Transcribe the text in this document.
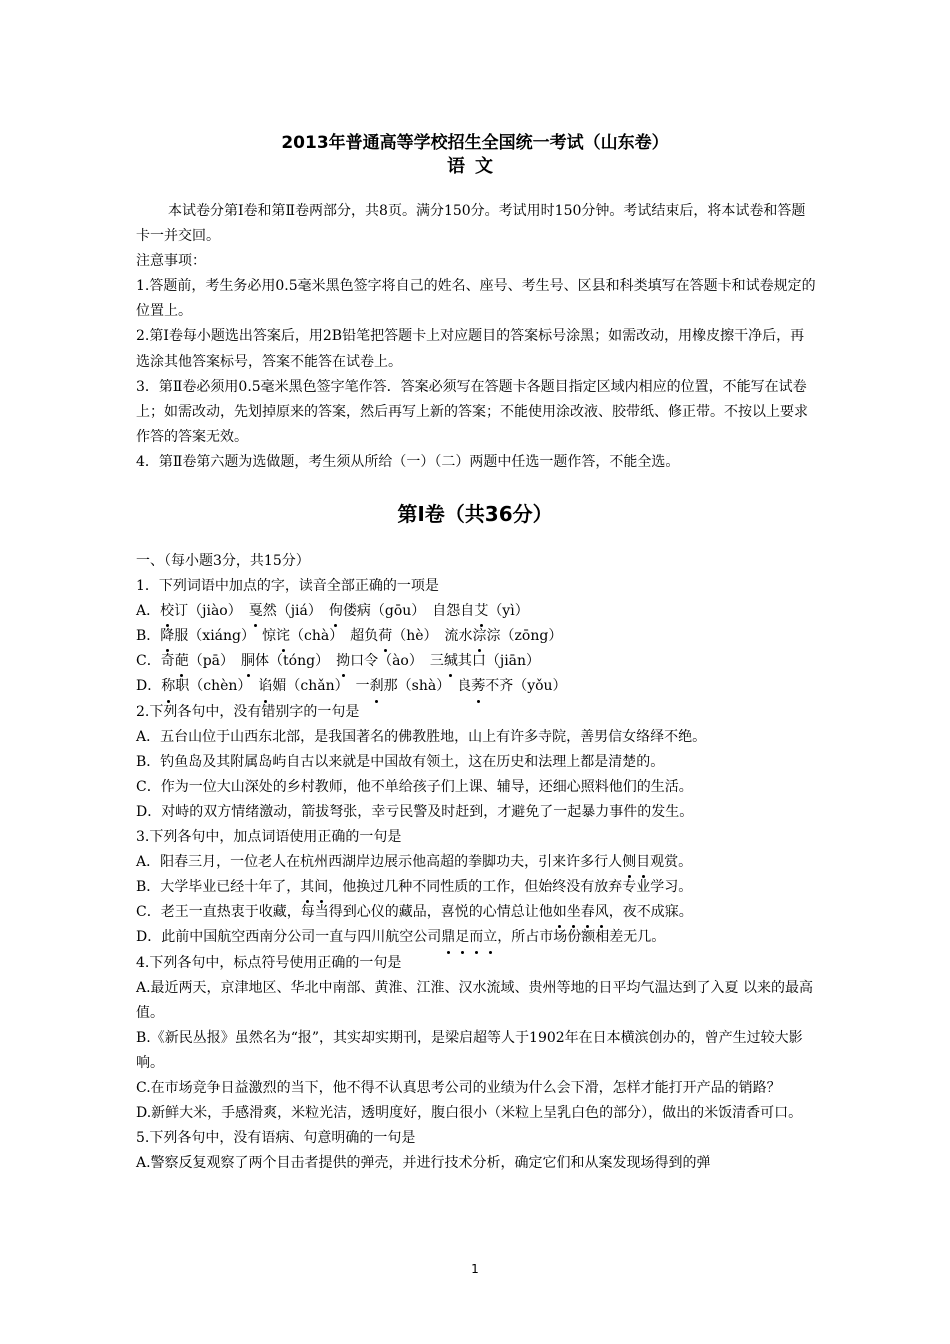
2013年普通高等学校招生全国统一考试（山东卷）
语文

本试卷分第Ⅰ卷和第Ⅱ卷两部分，共8页。满分150分。考试用时150分钟。考试结束后，将本试卷和答题卡一并交回。

注意事项：

1.答题前，考生务必用0.5毫米黑色签字将自己的姓名、座号、考生号、区县和科类填写在答题卡和试卷规定的位置上。

2.第Ⅰ卷每小题选出答案后，用2B铅笔把答题卡上对应题目的答案标号涂黑；如需改动，用橡皮擦干净后，再选涂其他答案标号，答案不能答在试卷上。

3．第Ⅱ卷必须用0.5毫米黑色签字笔作答．答案必须写在答题卡各题目指定区域内相应的位置，不能写在试卷上；如需改动，先划掉原来的答案，然后再写上新的答案；不能使用涂改液、胶带纸、修正带。不按以上要求作答的答案无效。

4．第Ⅱ卷第六题为选做题，考生须从所给（一）（二）两题中任选一题作答，不能全选。

第Ⅰ卷（共36分）

一、（每小题3分，共15分）

1．下列词语中加点的字，读音全部正确的一项是

A．校订（jiào）　戛然（jiá）　佝偻病（gōu）　自怨自艾（yì）

B．降服（xiáng）　惊诧（chà）　超负荷（hè）　流水淙淙（zōng）

C．奇葩（pā）　胴体（tóng）　拗口令（ào）　三缄其口（jiān）

D．称职（chèn）　谄媚（chǎn）　一刹那（shà）　良莠不齐（yǒu）

2.下列各句中，没有错别字的一句是

A．五台山位于山西东北部，是我国著名的佛教胜地，山上有许多寺院，善男信女络绎不绝。

B．钓鱼岛及其附属岛屿自古以来就是中国故有领土，这在历史和法理上都是清楚的。

C．作为一位大山深处的乡村教师，他不单给孩子们上课、辅导，还细心照料他们的生活。

D．对峙的双方情绪激动，箭拔弩张，幸亏民警及时赶到，才避免了一起暴力事件的发生。

3.下列各句中，加点词语使用正确的一句是

A．阳春三月，一位老人在杭州西湖岸边展示他高超的拳脚功夫，引来许多行人侧目观赏。

B．大学毕业已经十年了，其间，他换过几种不同性质的工作，但始终没有放弃专业学习。

C．老王一直热衷于收藏，每当得到心仪的藏品，喜悦的心情总让他如坐春风，夜不成寐。

D．此前中国航空西南分公司一直与四川航空公司鼎足而立，所占市场份额相差无几。

4.下列各句中，标点符号使用正确的一句是

A.最近两天，京津地区、华北中南部、黄淮、江淮、汉水流域、贵州等地的日平均气温达到了入夏 以来的最高值。

B.《新民丛报》虽然名为“报”，其实却实期刊，是梁启超等人于1902年在日本横滨创办的，曾产生过较大影响。

C.在市场竞争日益激烈的当下，他不得不认真思考公司的业绩为什么会下滑，怎样才能打开产品的销路？

D.新鲜大米，手感滑爽，米粒光洁，透明度好，腹白很小（米粒上呈乳白色的部分），做出的米饭清香可口。

5.下列各句中，没有语病、句意明确的一句是

A.警察反复观察了两个目击者提供的弹壳，并进行技术分析，确定它们和从案发现场得到的弹

1
